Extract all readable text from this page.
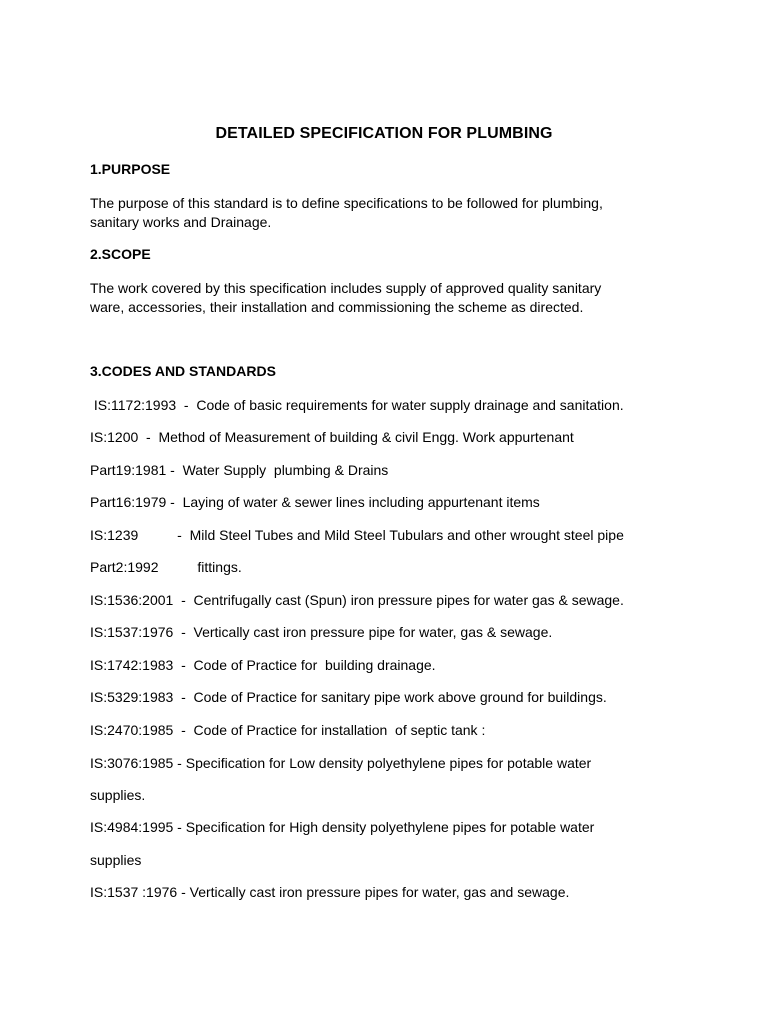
DETAILED SPECIFICATION FOR PLUMBING
1.PURPOSE
The purpose of this standard is to define specifications to be followed for plumbing,
sanitary works and Drainage.
2.SCOPE
The work covered by this specification includes supply of approved quality sanitary
ware, accessories, their installation and commissioning the scheme as directed.
3.CODES AND STANDARDS
IS:1172:1993  -  Code of basic requirements for water supply drainage and sanitation.
IS:1200  -  Method of Measurement of building & civil Engg. Work appurtenant
Part19:1981 -  Water Supply  plumbing & Drains
Part16:1979 -  Laying of water & sewer lines including appurtenant items
IS:1239          -  Mild Steel Tubes and Mild Steel Tubulars and other wrought steel pipe
Part2:1992          fittings.
IS:1536:2001  -  Centrifugally cast (Spun) iron pressure pipes for water gas & sewage.
IS:1537:1976  -  Vertically cast iron pressure pipe for water, gas & sewage.
IS:1742:1983  -  Code of Practice for  building drainage.
IS:5329:1983  -  Code of Practice for sanitary pipe work above ground for buildings.
IS:2470:1985  -  Code of Practice for installation  of septic tank :
IS:3076:1985 - Specification for Low density polyethylene pipes for potable water
supplies.
IS:4984:1995 - Specification for High density polyethylene pipes for potable water
supplies
IS:1537 :1976 - Vertically cast iron pressure pipes for water, gas and sewage.
